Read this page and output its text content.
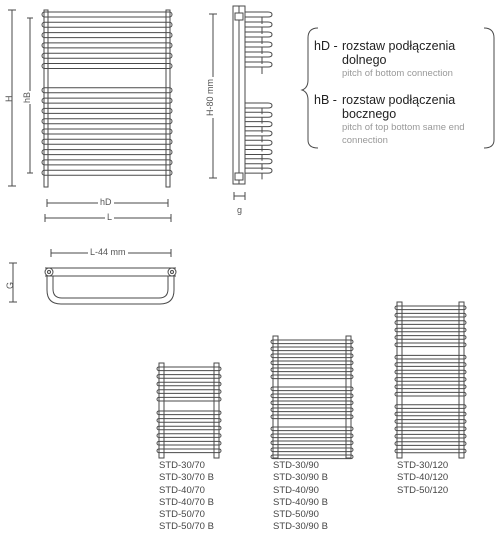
H hB
hD
L
H-80 mm
g
L-44 mm
G
hD - rozstaw podłączenia
dolnego
pitch of bottom connection
hB - rozstaw podłączenia
bocznego
pitch of top bottom same end
connection
STD-30/70
STD-30/70 B
STD-40/70
STD-40/70 B
STD-50/70
STD-50/70 B
STD-30/90
STD-30/90 B
STD-40/90
STD-40/90 B
STD-50/90
STD-30/90 B
STD-30/120
STD-40/120
STD-50/120
